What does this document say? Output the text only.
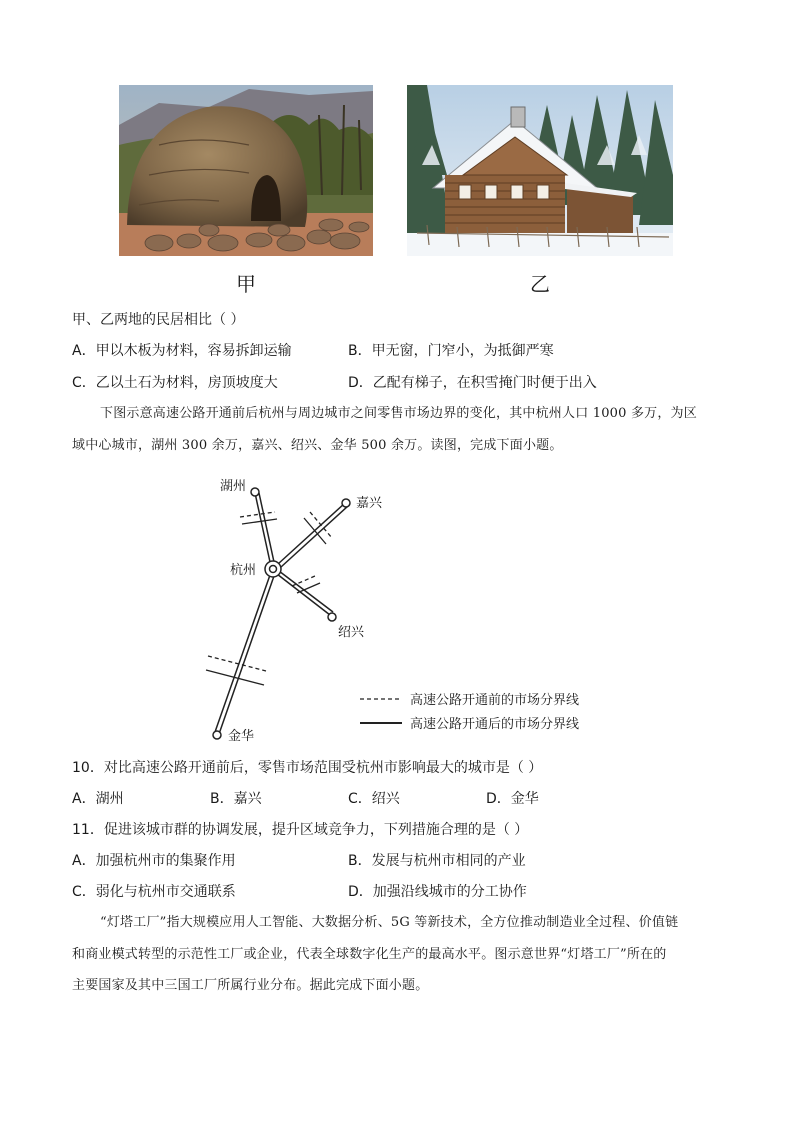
甲	乙
甲、乙两地的民居相比（ ）
A．甲以木板为材料，容易拆卸运输	B．甲无窗，门窄小，为抵御严寒
C．乙以土石为材料，房顶坡度大	D．乙配有梯子，在积雪掩门时便于出入
下图示意高速公路开通前后杭州与周边城市之间零售市场边界的变化，其中杭州人口 1000 多万，为区
域中心城市，湖州 300 余万，嘉兴、绍兴、金华 500 余万。读图，完成下面小题。
湖州
嘉兴
杭州
绍兴
金华
高速公路开通前的市场分界线
高速公路开通后的市场分界线
10．对比高速公路开通前后，零售市场范围受杭州市影响最大的城市是（ ）
A．湖州	B．嘉兴	C．绍兴	D．金华
11．促进该城市群的协调发展，提升区域竞争力，下列措施合理的是（ ）
A．加强杭州市的集聚作用	B．发展与杭州市相同的产业
C．弱化与杭州市交通联系	D．加强沿线城市的分工协作
“灯塔工厂”指大规模应用人工智能、大数据分析、5G 等新技术，全方位推动制造业全过程、价值链
和商业模式转型的示范性工厂或企业，代表全球数字化生产的最高水平。图示意世界“灯塔工厂”所在的
主要国家及其中三国工厂所属行业分布。据此完成下面小题。
